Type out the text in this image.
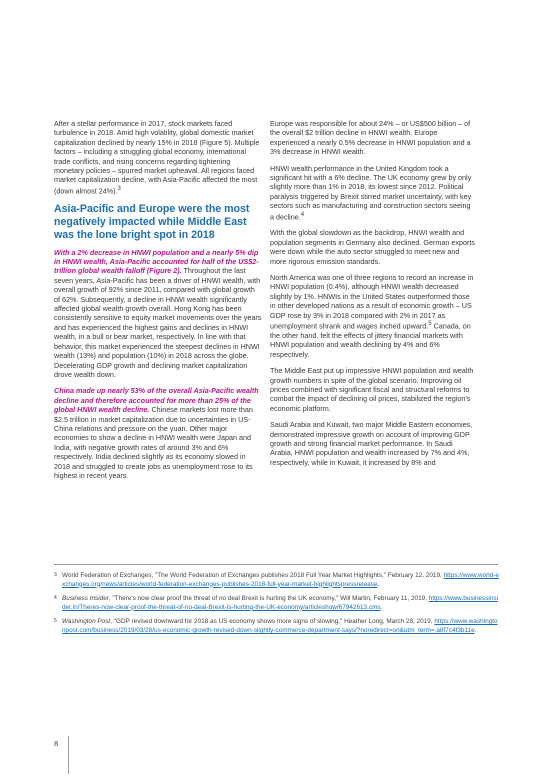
After a stellar performance in 2017, stock markets faced turbulence in 2018. Amid high volatility, global domestic market capitalization declined by nearly 15% in 2018 (Figure 5). Multiple factors – including a struggling global economy, international trade conflicts, and rising concerns regarding tightening monetary policies – spurred market upheaval. All regions faced market capitalization decline, with Asia-Pacific affected the most (down almost 24%).$^3$

Asia-Pacific and Europe were the most negatively impacted while Middle East was the lone bright spot in 2018

With a 2% decrease in HNWI population and a nearly 5% dip in HNWI wealth, Asia-Pacific accounted for half of the US$2-trillion global wealth falloff (Figure 2). Throughout the last seven years, Asia-Pacific has been a driver of HNWI wealth, with overall growth of 92% since 2011, compared with global growth of 62%. Subsequently, a decline in HNWI wealth significantly affected global wealth growth overall. Hong Kong has been consistently sensitive to equity market movements over the years and has experienced the highest gains and declines in HNWI wealth, in a bull or bear market, respectively. In line with that behavior, this market experienced the steepest declines in HNWI wealth (13%) and population (10%) in 2018 across the globe. Decelerating GDP growth and declining market capitalization drove wealth down.

China made up nearly 53% of the overall Asia-Pacific wealth decline and therefore accounted for more than 25% of the global HNWI wealth decline. Chinese markets lost more than $2.5 trillion in market capitalization due to uncertainties in US-China relations and pressure on the yuan. Other major economies to show a decline in HNWI wealth were Japan and India, with negative growth rates of around 3% and 6% respectively. India declined slightly as its economy slowed in 2018 and struggled to create jobs as unemployment rose to its highest in recent years.

Europe was responsible for about 24% – or US$500 billion – of the overall $2 trillion decline in HNWI wealth. Europe experienced a nearly 0.5% decrease in HNWI population and a 3% decrease in HNWI wealth.

HNWI wealth performance in the United Kingdom took a significant hit with a 6% decline. The UK economy grew by only slightly more than 1% in 2018, its lowest since 2012. Political paralysis triggered by Brexit stirred market uncertainty, with key sectors such as manufacturing and construction sectors seeing a decline.$^4$

With the global slowdown as the backdrop, HNWI wealth and population segments in Germany also declined. German exports were down while the auto sector struggled to meet new and more rigorous emission standards.

North America was one of three regions to record an increase in HNWI population (0.4%), although HNWI wealth decreased slightly by 1%. HNWIs in the United States outperformed those in other developed nations as a result of economic growth – US GDP rose by 3% in 2018 compared with 2% in 2017 as unemployment shrank and wages inched upward.$^5$ Canada, on the other hand, felt the effects of jittery financial markets with HNWI population and wealth declining by 4% and 6% respectively.

The Middle East put up impressive HNWI population and wealth growth numbers in spite of the global scenario. Improving oil prices combined with significant fiscal and structural reforms to combat the impact of declining oil prices, stabilized the region's economic platform.

Saudi Arabia and Kuwait, two major Middle Eastern economies, demonstrated impressive growth on account of improving GDP growth and strong financial market performance. In Saudi Arabia, HNWI population and wealth increased by 7% and 4%, respectively, while in Kuwait, it increased by 8% and

3 World Federation of Exchanges, "The World Federation of Exchanges publishes 2018 Full Year Market Highlights," February 12, 2019, https://www.world-exchanges.org/news/articles/world-federation-exchanges-publishes-2018-full-year-market-highlightspressrelease.
4 Business Insider, "There's now clear proof the threat of no deal Brexit is hurting the UK economy," Will Martin, February 11, 2019, https://www.businessinsider.in/Theres-now-clear-proof-the-threat-of-no-deal-Brexit-is-hurting-the-UK-economy/articleshow/67942613.cms.
5 Washington Post, "GDP revised downward for 2018 as US economy shows more signs of slowing," Heather Long, March 28, 2019, https://www.washingtonpost.com/business/2019/03/28/us-economic-growth-revised-down-slightly-commerce-department-says/?noredirect=on&utm_term=.a8f7c4f3b11e.
8
